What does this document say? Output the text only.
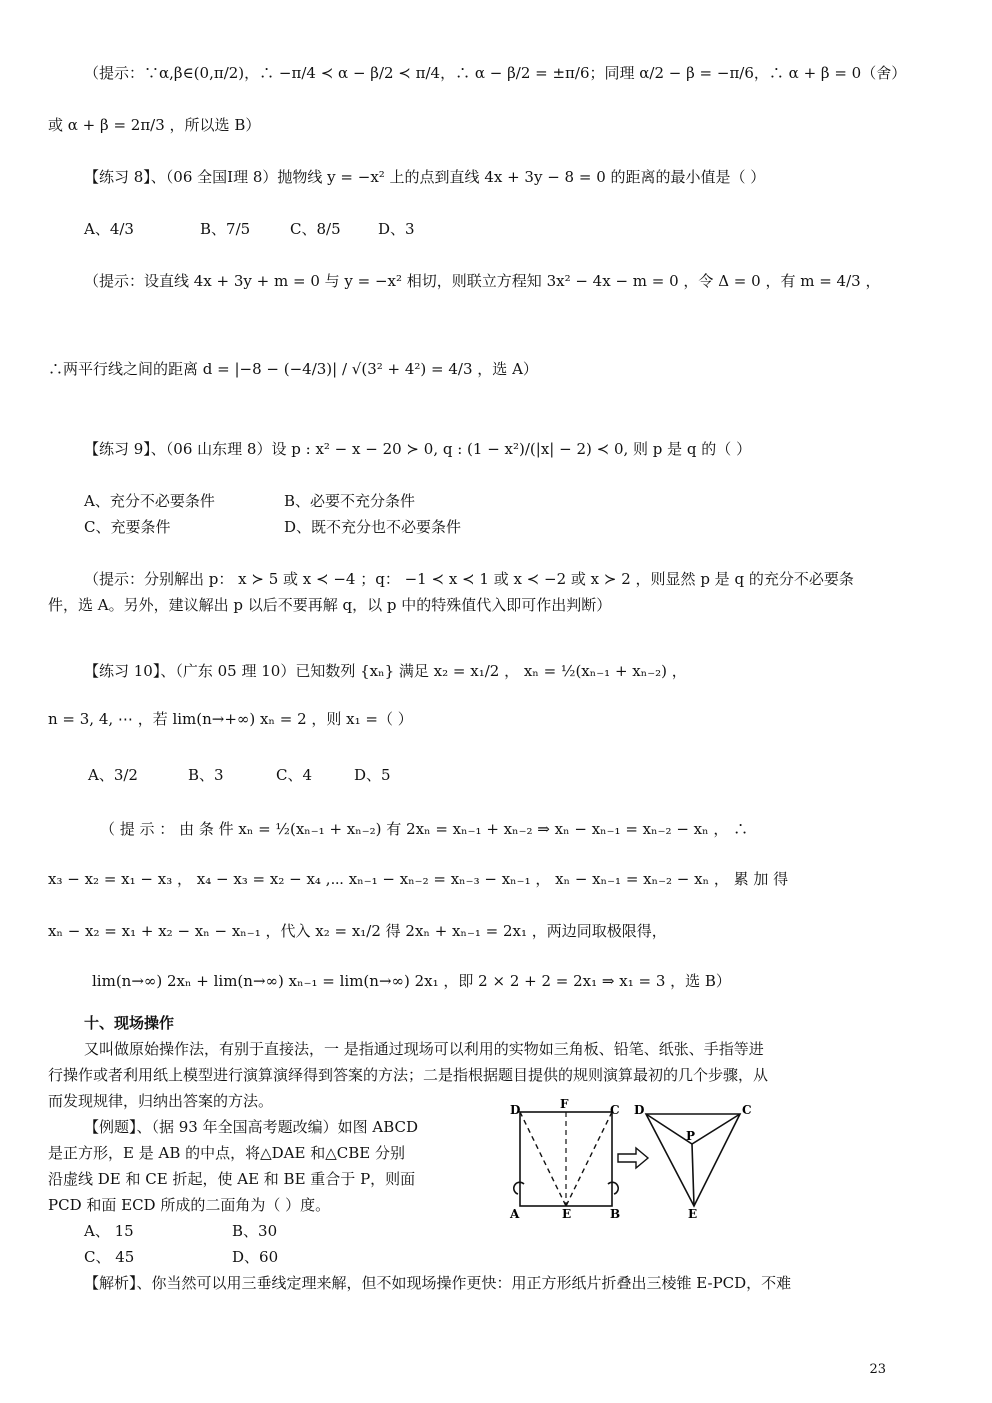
（提示：∵α,β∈(0,π/2)，∴ −π/4 ≺ α − β/2 ≺ π/4，∴ α − β/2 = ±π/6；同理 α/2 − β = −π/6，∴ α + β = 0（舍）
或 α + β = 2π/3 ，所以选 B）
【练习 8】、（06 全国Ⅰ理 8）抛物线 y = −x² 上的点到直线 4x + 3y − 8 = 0 的距离的最小值是（ ）
A、4/3	B、7/5	C、8/5 D、3
（提示：设直线 4x + 3y + m = 0 与 y = −x² 相切，则联立方程知 3x² − 4x − m = 0 ，令 Δ = 0 ，有 m = 4/3 ，
∴两平行线之间的距离 d = |−8 − (−4/3)| / √(3² + 4²) = 4/3 ，选 A）
【练习 9】、（06 山东理 8）设 p : x² − x − 20 ≻ 0, q : (1 − x²)/(|x| − 2) ≺ 0, 则 p 是 q 的（ ）
A、充分不必要条件	B、必要不充分条件
C、充要条件	D、既不充分也不必要条件
（提示：分别解出 p： x ≻ 5 或 x ≺ −4 ；q： −1 ≺ x ≺ 1 或 x ≺ −2 或 x ≻ 2 ，则显然 p 是 q 的充分不必要条
件，选 A。另外，建议解出 p 以后不要再解 q，以 p 中的特殊值代入即可作出判断）
【练习 10】、（广东 05 理 10）已知数列 {xₙ} 满足 x₂ = x₁/2 ， xₙ = ½(xₙ₋₁ + xₙ₋₂) ，
n = 3, 4, ⋯ ，若 lim(n→+∞) xₙ = 2 ，则 x₁ =（ ）
A、3/2	B、3	C、4	D、5
（ 提 示 ： 由 条 件 xₙ = ½(xₙ₋₁ + xₙ₋₂) 有 2xₙ = xₙ₋₁ + xₙ₋₂ ⇒ xₙ − xₙ₋₁ = xₙ₋₂ − xₙ ， ∴
x₃ − x₂ = x₁ − x₃ ， x₄ − x₃ = x₂ − x₄ ,⋯ xₙ₋₁ − xₙ₋₂ = xₙ₋₃ − xₙ₋₁ ， xₙ − xₙ₋₁ = xₙ₋₂ − xₙ ， 累 加 得
xₙ − x₂ = x₁ + x₂ − xₙ − xₙ₋₁ ，代入 x₂ = x₁/2 得 2xₙ + xₙ₋₁ = 2x₁ ，两边同取极限得，
lim(n→∞) 2xₙ + lim(n→∞) xₙ₋₁ = lim(n→∞) 2x₁ ，即 2 × 2 + 2 = 2x₁ ⇒ x₁ = 3 ，选 B）
十、现场操作
又叫做原始操作法，有别于直接法，一 是指通过现场可以利用的实物如三角板、铅笔、纸张、手指等进
行操作或者利用纸上模型进行演算演绎得到答案的方法；二是指根据题目提供的规则演算最初的几个步骤，从
而发现规律，归纳出答案的方法。
【例题】、（据 93 年全国高考题改编）如图 ABCD
是正方形，E 是 AB 的中点，将△DAE 和△CBE 分别
沿虚线 DE 和 CE 折起，使 AE 和 BE 重合于 P，则面
PCD 和面 ECD 所成的二面角为（ ）度。
A、 15	B、30
C、 45	D、60
【解析】、你当然可以用三垂线定理来解，但不如现场操作更快：用正方形纸片折叠出三棱锥 E-PCD，不难
D	F	C
A	E	B
D	C
P
E
23
